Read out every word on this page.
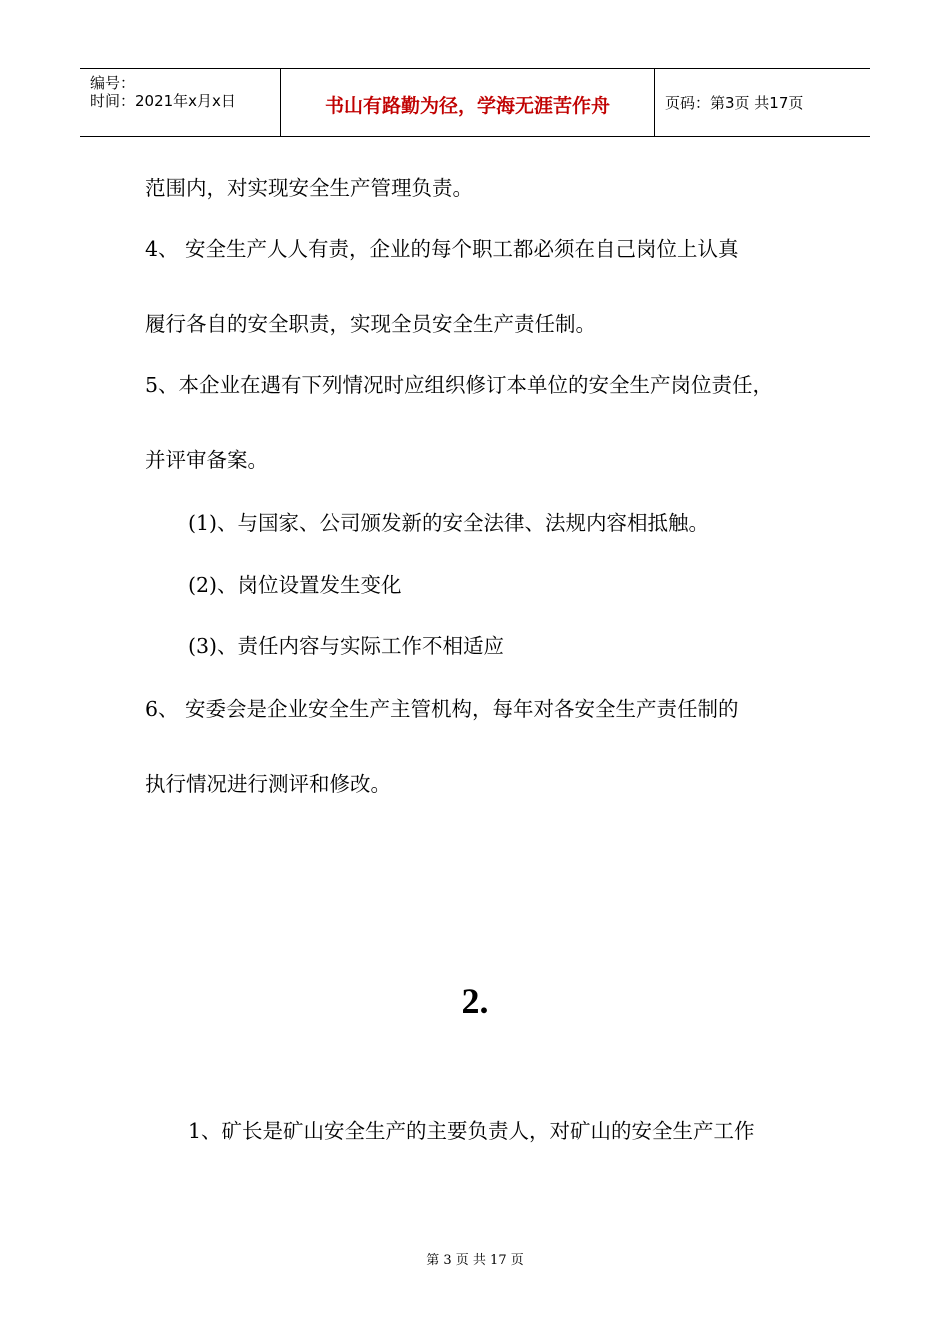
编号：
时间：2021年x月x日	书山有路勤为径，学海无涯苦作舟	页码：第3页 共17页
范围内，对实现安全生产管理负责。
4、 安全生产人人有责，企业的每个职工都必须在自己岗位上认真
履行各自的安全职责，实现全员安全生产责任制。
5、本企业在遇有下列情况时应组织修订本单位的安全生产岗位责任，
并评审备案。
(1)、与国家、公司颁发新的安全法律、法规内容相抵触。
(2)、岗位设置发生变化
(3)、责任内容与实际工作不相适应
6、 安委会是企业安全生产主管机构，每年对各安全生产责任制的
执行情况进行测评和修改。
2.
1、矿长是矿山安全生产的主要负责人，对矿山的安全生产工作
第 3 页 共 17 页
